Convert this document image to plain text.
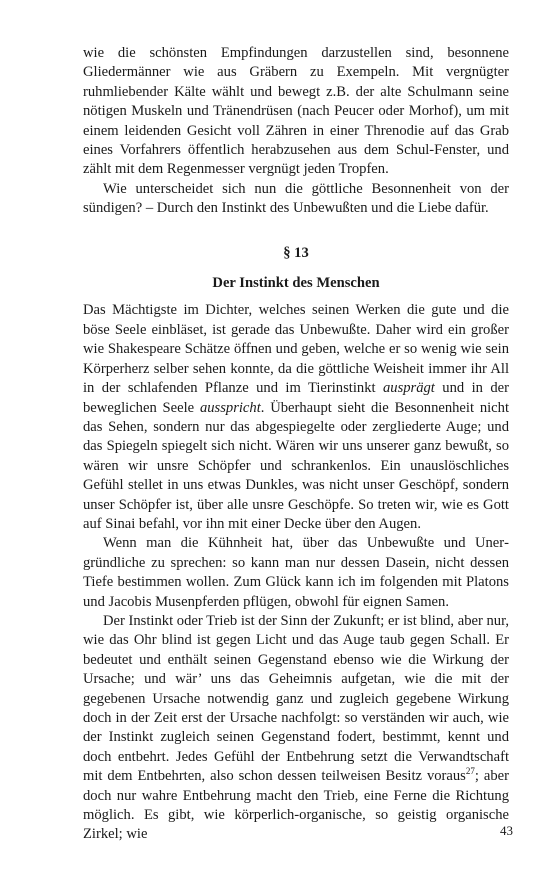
wie die schönsten Empfindungen darzustellen sind, besonnene Gliedermänner wie aus Gräbern zu Exempeln. Mit vergnügter ruhmliebender Kälte wählt und bewegt z.B. der alte Schulmann seine nötigen Muskeln und Tränendrüsen (nach Peucer oder Morhof), um mit einem leidenden Gesicht voll Zähren in einer Threnodie auf das Grab eines Vorfahrers öffentlich herabzusehen aus dem Schul-Fenster, und zählt mit dem Regenmesser vergnügt jeden Tropfen.

Wie unterscheidet sich nun die göttliche Besonnenheit von der sündigen? – Durch den Instinkt des Unbewußten und die Liebe dafür.

§ 13
Der Instinkt des Menschen

Das Mächtigste im Dichter, welches seinen Werken die gute und die böse Seele einbläset, ist gerade das Unbewußte. Daher wird ein großer wie Shakespeare Schätze öffnen und geben, welche er so wenig wie sein Körperherz selber sehen konnte, da die göttliche Weisheit immer ihr All in der schlafenden Pflanze und im Tierinstinkt ausprägt und in der beweglichen Seele ausspricht. Überhaupt sieht die Besonnenheit nicht das Sehen, sondern nur das abgespiegelte oder zergliederte Auge; und das Spiegeln spiegelt sich nicht. Wären wir uns unserer ganz bewußt, so wären wir unsre Schöpfer und schrankenlos. Ein unauslöschliches Gefühl stellet in uns etwas Dunkles, was nicht unser Geschöpf, sondern unser Schöpfer ist, über alle unsre Geschöpfe. So treten wir, wie es Gott auf Sinai befahl, vor ihn mit einer Decke über den Augen.

Wenn man die Kühnheit hat, über das Unbewußte und Unergründliche zu sprechen: so kann man nur dessen Dasein, nicht dessen Tiefe bestimmen wollen. Zum Glück kann ich im folgenden mit Platons und Jacobis Musenpferden pflügen, obwohl für eignen Samen.

Der Instinkt oder Trieb ist der Sinn der Zukunft; er ist blind, aber nur, wie das Ohr blind ist gegen Licht und das Auge taub gegen Schall. Er bedeutet und enthält seinen Gegenstand ebenso wie die Wirkung der Ursache; und wär’ uns das Geheimnis aufgetan, wie die mit der gegebenen Ursache notwendig ganz und zugleich gegebene Wirkung doch in der Zeit erst der Ursache nachfolgt: so verständen wir auch, wie der Instinkt zugleich seinen Gegenstand fodert, bestimmt, kennt und doch entbehrt. Jedes Gefühl der Entbehrung setzt die Verwandtschaft mit dem Entbehrten, also schon dessen teilweisen Besitz voraus$^{27}$; aber doch nur wahre Entbehrung macht den Trieb, eine Ferne die Richtung möglich. Es gibt, wie körperlich-organische, so geistig organische Zirkel; wie	43
